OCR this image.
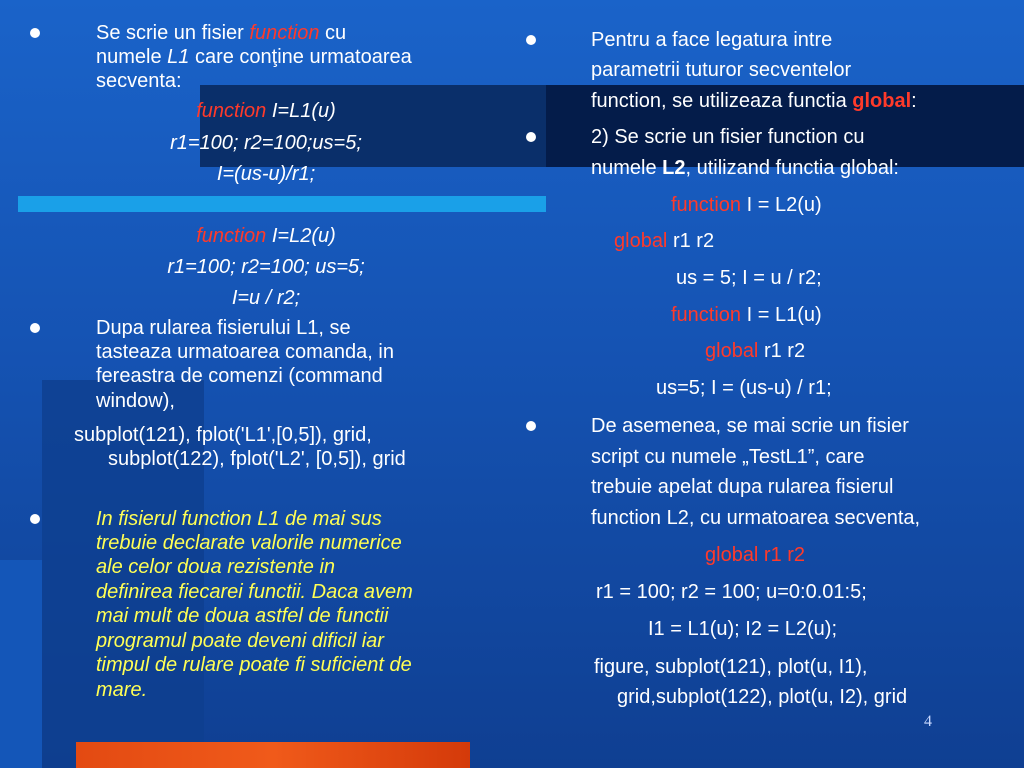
Se scrie un fisier function cu
numele L1 care conţine urmatoarea
secventa:
function I=L1(u)
r1=100; r2=100;us=5;
I=(us-u)/r1;
function I=L2(u)
r1=100; r2=100; us=5;
I=u / r2;
Dupa rularea fisierului L1, se
tasteaza urmatoarea comanda, in
fereastra de comenzi (command
window),
subplot(121), fplot('L1',[0,5]), grid,
subplot(122), fplot('L2', [0,5]), grid
In fisierul function L1 de mai sus
trebuie declarate valorile numerice
ale celor doua rezistente in
definirea fiecarei functii. Daca avem
mai mult de doua astfel de functii
programul poate deveni dificil iar
timpul de rulare poate fi suficient de
mare.
Pentru a face legatura intre
parametrii tuturor secventelor
function, se utilizeaza functia global:
2) Se scrie un fisier function cu
numele L2, utilizand functia global:
function I = L2(u)
global r1 r2
us = 5; I = u / r2;
function I = L1(u)
global r1 r2
us=5; I = (us-u) / r1;
De asemenea, se mai scrie un fisier
script cu numele „TestL1”, care
trebuie apelat dupa rularea fisierul
function L2, cu urmatoarea secventa,
global r1 r2
r1 = 100; r2 = 100; u=0:0.01:5;
I1 = L1(u); I2 = L2(u);
figure, subplot(121), plot(u, I1),
grid,subplot(122), plot(u, I2), grid
4
